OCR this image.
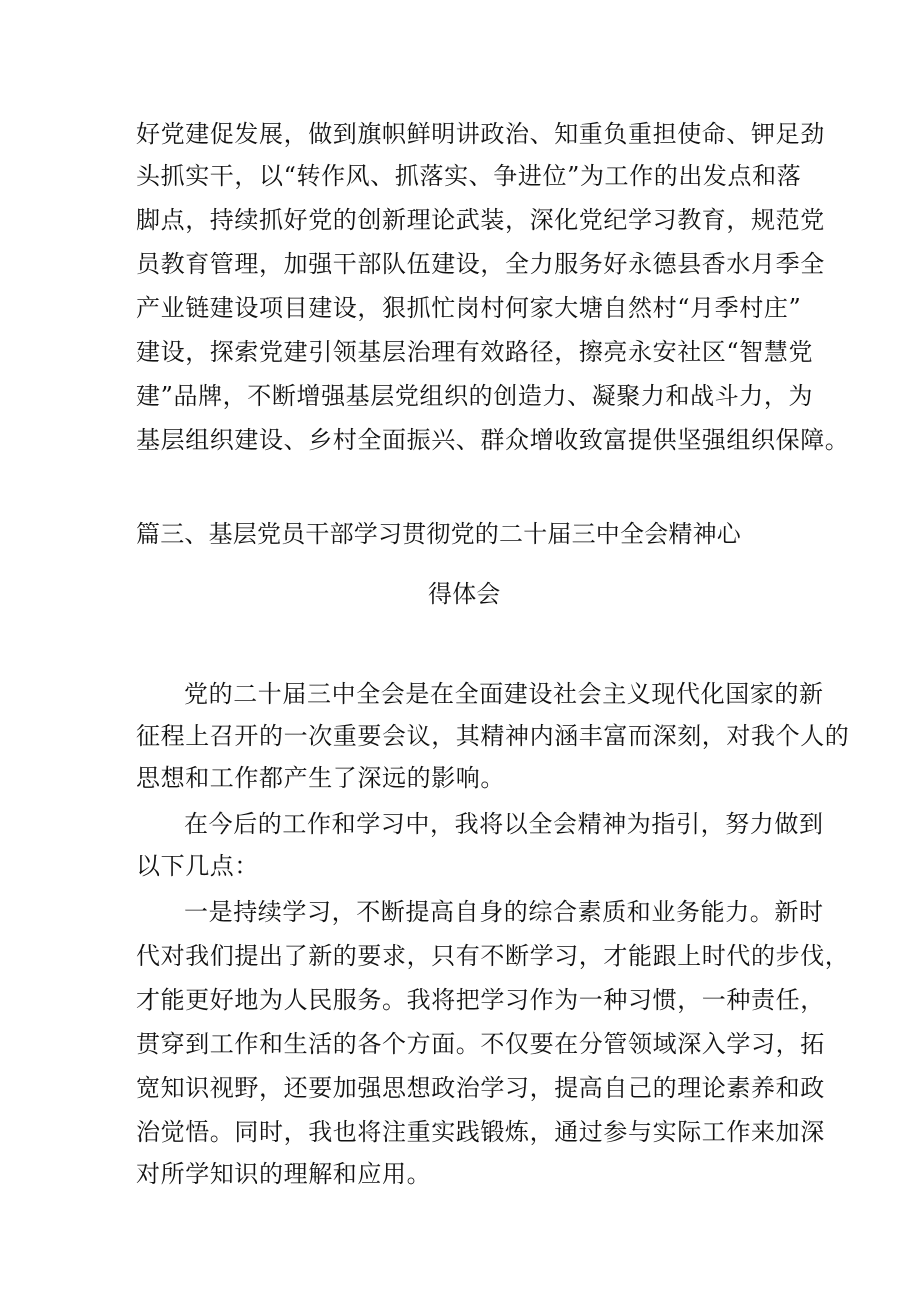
好党建促发展，做到旗帜鲜明讲政治、知重负重担使命、钾足劲
头抓实干，以“转作风、抓落实、争进位”为工作的出发点和落
脚点，持续抓好党的创新理论武装，深化党纪学习教育，规范党
员教育管理，加强干部队伍建设，全力服务好永德县香水月季全
产业链建设项目建设，狠抓忙岗村何家大塘自然村“月季村庄”
建设，探索党建引领基层治理有效路径，擦亮永安社区“智慧党
建”品牌，不断增强基层党组织的创造力、凝聚力和战斗力，为
基层组织建设、乡村全面振兴、群众增收致富提供坚强组织保障。
篇三、基层党员干部学习贯彻党的二十届三中全会精神心
得体会
党的二十届三中全会是在全面建设社会主义现代化国家的新
征程上召开的一次重要会议，其精神内涵丰富而深刻，对我个人的
思想和工作都产生了深远的影响。
在今后的工作和学习中，我将以全会精神为指引，努力做到
以下几点：
一是持续学习，不断提高自身的综合素质和业务能力。新时
代对我们提出了新的要求，只有不断学习，才能跟上时代的步伐，
才能更好地为人民服务。我将把学习作为一种习惯，一种责任，
贯穿到工作和生活的各个方面。不仅要在分管领域深入学习，拓
宽知识视野，还要加强思想政治学习，提高自己的理论素养和政
治觉悟。同时，我也将注重实践锻炼，通过参与实际工作来加深
对所学知识的理解和应用。
